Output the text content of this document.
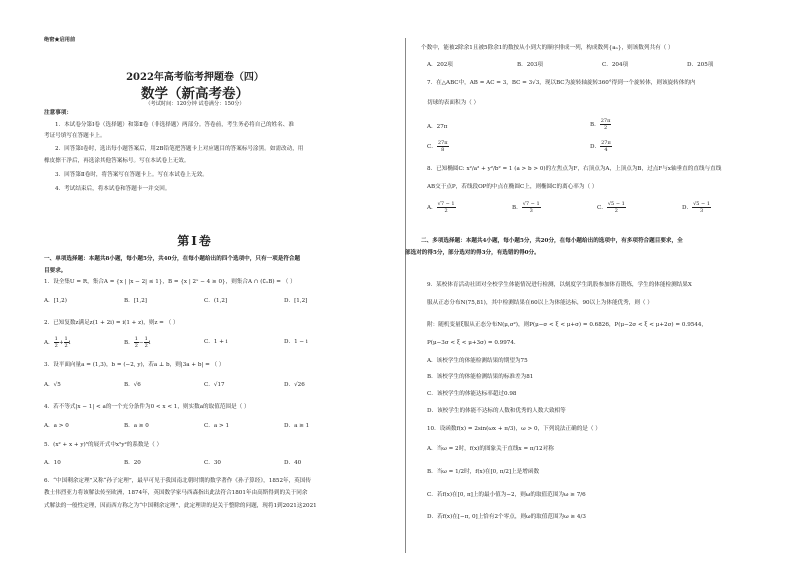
绝密★启用前
2022年高考临考押题卷（四）
数学（新高考卷）
（考试时间：120分钟 试卷满分：150分）
注意事项：
1．本试卷分第Ⅰ卷（选择题）和第Ⅱ卷（非选择题）两部分。答卷前，考生务必将自己的姓名、准
考证号填写在答题卡上。
2．回答第Ⅰ卷时，选出每小题答案后，用2B铅笔把答题卡上对应题目的答案标号涂黑。如需改动，用
橡皮擦干净后，再选涂其他答案标号。写在本试卷上无效。
3．回答第Ⅱ卷时，将答案写在答题卡上。写在本试卷上无效。
4．考试结束后，将本试卷和答题卡一并交回。
第Ⅰ卷
一、单项选择题：本题共8小题，每小题5分，共40分，在每小题给出的四个选项中，只有一项是符合题
目要求。
1．设全集U = R，集合A = {x | |x − 2| ≤ 1}，B = {x | 2ˣ − 4 ≥ 0}，则集合A ∩ (∁ᵤB) = （ ）
A．[1,2)	B．[1,2]	C．(1,2]	D．[1,2]
2．已知复数z满足z(1 + 2i) = i(1 + z)，则z = （ ）
A． $\frac{1}{2} + \frac{1}{2}$ i	B． $\frac{1}{2} - \frac{1}{2}$ i	C．1 + i	D．1 − i
3．设平面向量a = (1,3)，b = (−2, y)，若a ⊥ b，则|3a + b| = （ ）
A．√5	B．√6	C．√17	D．√26
4．若不等式|x − 1| < a的一个充分条件为0 < x < 1，则实数a的取值范围是（ ）
A．a > 0	B．a ≥ 0	C．a > 1	D．a ≥ 1
5．(x² + x + y)⁵的展开式中x⁵y²的系数是（ ）
A．10	B．20	C．30	D．40
6．“中国剩余定理”又称“孙子定理”，最早可见于我国南北朝时期的数学著作《孙子算经》，1852年，英国传
教士伟烈亚力将该解法传至欧洲，1874年，英国数学家马西森指出此法符合1801年由高斯得到的关于同余
式解法的一般性定理，因而西方称之为“中国剩余定理”，此定理讲的是关于整除的问题，现将1到2021这2021
个数中，能被2除余1且被5除余1的数按从小到大的顺序排成一列，构成数列{aₙ}，则该数列共有（ ）
A．202项	B．203项	C．204项	D．205项
7．在△ABC中，AB = AC = 3，BC = 3√3，现以BC为旋转轴旋转360°得到一个旋转体，则该旋转体的内
切球的表面积为（ ）
A．27π	B． $\frac{27\pi}{2}$
C． $\frac{27\pi}{8}$	D． $\frac{27\pi}{4}$
8．已知椭圆C: x²/a² + y²/b² = 1 (a > b > 0)的左焦点为F，右顶点为A，上顶点为B，过点F与x轴垂直的直线与直线
AB交于点P，若线段OP的中点在椭圆C上，则椭圆C的离心率为（ ）
A． $\frac{√7 - 1}{2}$	B． $\frac{√7 - 1}{3}$	C． $\frac{√5 - 1}{2}$	D． $\frac{√5 - 1}{3}$
二、多项选择题：本题共4小题，每小题5分，共20分，在每小题给出的选项中，有多项符合题目要求，全
部选对的得5分，部分选对的得3分，有选错的得0分。
9．某校体育活动社团对全校学生体能情况进行检测，以刻度学生肌股参加体育锻炼，学生的体能检测结果X
服从正态分布N(75,81)，其中检测结果在60以上为体能达标，90以上为体能优秀，则（ ）
附：随机变量ξ服从正态分布N(μ,σ²)，则P(μ−σ < ξ < μ+σ) = 0.6826，P(μ−2σ < ξ < μ+2σ) = 0.9544，
P(μ−3σ < ξ < μ+3σ) = 0.9974.
A．该校学生的体能检测结果的期望为75
B．该校学生的体能检测结果的标准差为81
C．该校学生的体能达标率超过0.98
D．该校学生的体能不达标的人数和优秀的人数大致相等
10．设函数f(x) = 2sin(ωx + π/3)，ω > 0，下列说法正确的是（ ）
A．当ω = 2时，f(x)的图象关于直线x = π/12对称
B．当ω = 1/2时，f(x)在[0, π/2]上是增函数
C．若f(x)在[0, π]上的最小值为−2，则ω的取值范围为ω ≥ 7/6
D．若f(x)在[−π, 0]上恰有2个零点，则ω的取值范围为ω ≥ 4/3
